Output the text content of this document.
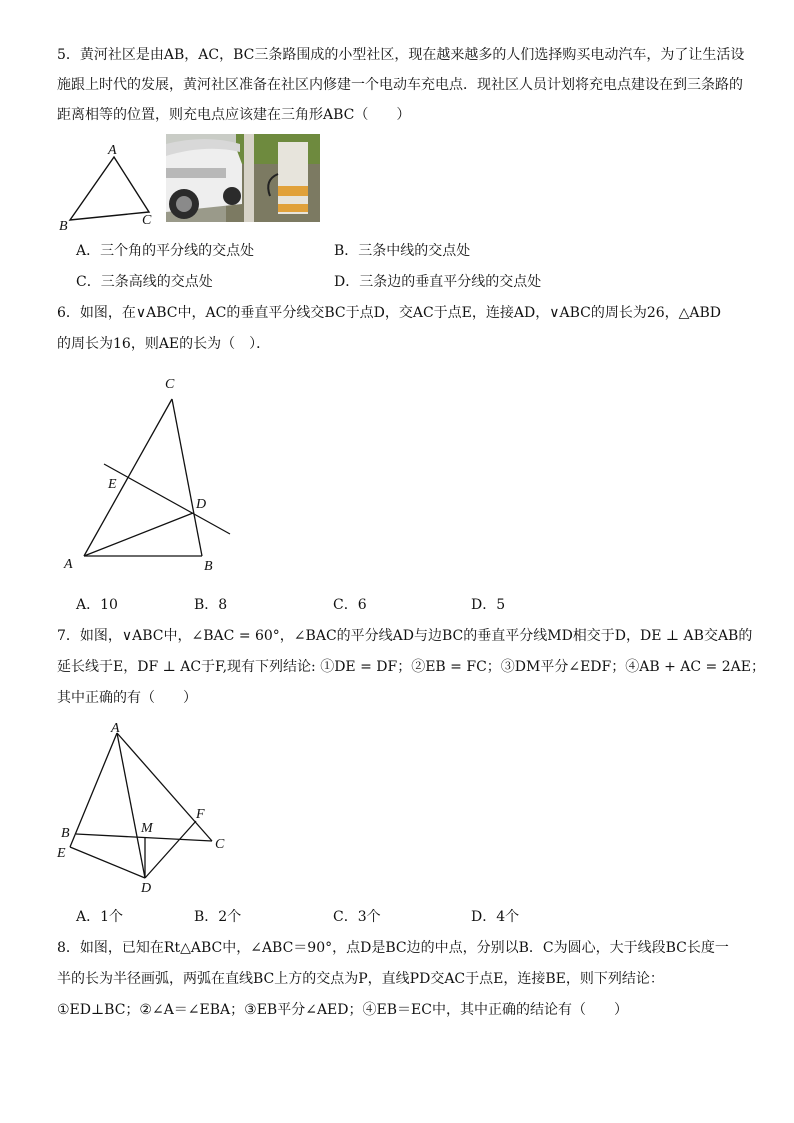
5．黄河社区是由AB，AC，BC三条路围成的小型社区，现在越来越多的人们选择购买电动汽车，为了让生活设
施跟上时代的发展，黄河社区准备在社区内修建一个电动车充电点．现社区人员计划将充电点建设在到三条路的
距离相等的位置，则充电点应该建在三角形ABC（　　）
A
B	C
A．三个角的平分线的交点处	B．三条中线的交点处
C．三条高线的交点处	D．三条边的垂直平分线的交点处
6．如图，在∨ABC中，AC的垂直平分线交BC于点D，交AC于点E，连接AD，∨ABC的周长为26，△ABD
的周长为16，则AE的长为（　）．
C
E
D
A	B
A．10	B．8	C．6	D．5
7．如图，∨ABC中，∠BAC = 60°，∠BAC的平分线AD与边BC的垂直平分线MD相交于D，DE ⊥ AB交AB的
延长线于E，DF ⊥ AC于F,现有下列结论: ①DE = DF；②EB = FC；③DM平分∠EDF；④AB + AC = 2AE；
其中正确的有（　　）
A
F
M
B
C
E
D
A．1个	B．2个	C．3个	D．4个
8．如图，已知在Rt△ABC中，∠ABC＝90°，点D是BC边的中点，分别以B．C为圆心，大于线段BC长度一
半的长为半径画弧，两弧在直线BC上方的交点为P，直线PD交AC于点E，连接BE，则下列结论：
①ED⊥BC；②∠A＝∠EBA；③EB平分∠AED；④EB＝EC中，其中正确的结论有（　　）
